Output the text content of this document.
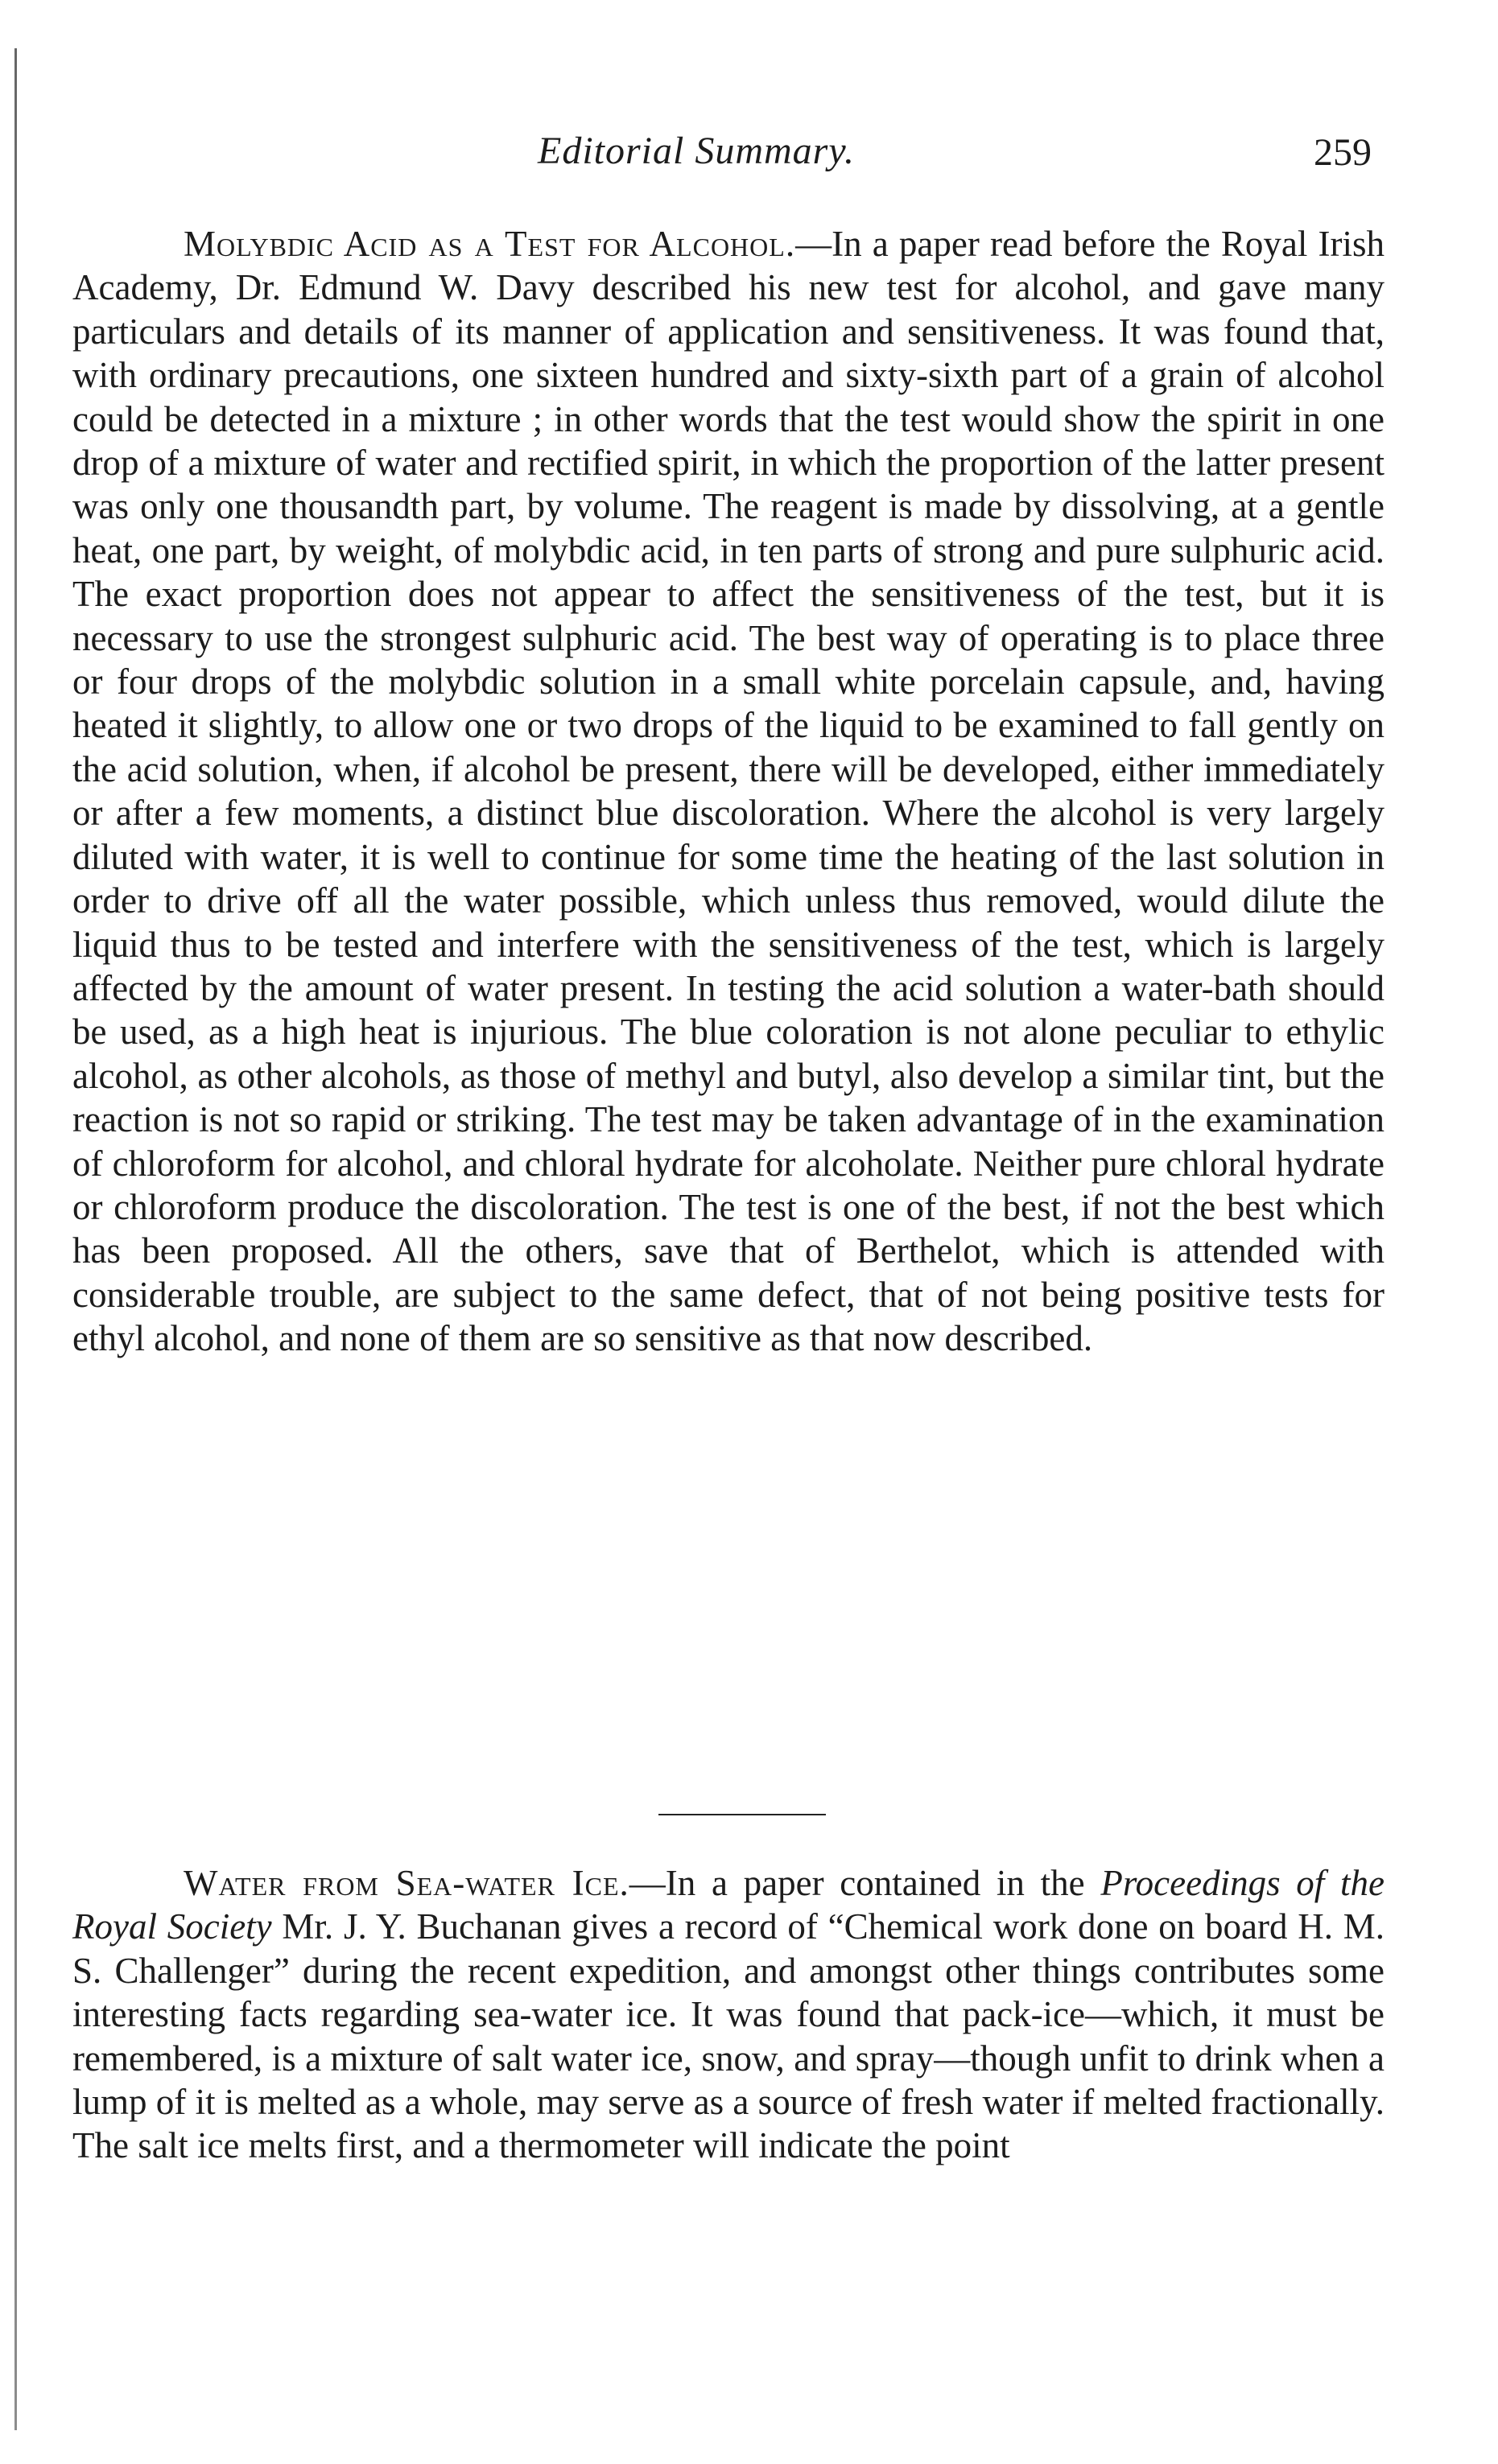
Editorial Summary.	259

Molybdic Acid as a Test for Alcohol.—In a paper read before the Royal Irish Academy, Dr. Edmund W. Davy described his new test for alcohol, and gave many particulars and details of its manner of application and sensitiveness. It was found that, with ordinary precautions, one sixteen hundred and sixty-sixth part of a grain of alcohol could be detected in a mixture ; in other words that the test would show the spirit in one drop of a mixture of water and rectified spirit, in which the proportion of the latter present was only one thousandth part, by volume. The reagent is made by dissolving, at a gentle heat, one part, by weight, of molybdic acid, in ten parts of strong and pure sulphuric acid. The exact proportion does not appear to affect the sensitiveness of the test, but it is necessary to use the strongest sulphuric acid. The best way of operating is to place three or four drops of the molybdic solution in a small white porcelain capsule, and, having heated it slightly, to allow one or two drops of the liquid to be examined to fall gently on the acid solution, when, if alcohol be present, there will be developed, either immediately or after a few moments, a distinct blue discoloration. Where the alcohol is very largely diluted with water, it is well to continue for some time the heating of the last solution in order to drive off all the water possible, which unless thus removed, would dilute the liquid thus to be tested and interfere with the sensitiveness of the test, which is largely affected by the amount of water present. In testing the acid solution a water-bath should be used, as a high heat is injurious. The blue coloration is not alone peculiar to ethylic alcohol, as other alcohols, as those of methyl and butyl, also develop a similar tint, but the reaction is not so rapid or striking. The test may be taken advantage of in the examination of chloroform for alcohol, and chloral hydrate for alcoholate. Neither pure chloral hydrate or chloroform produce the discoloration. The test is one of the best, if not the best which has been proposed. All the others, save that of Berthelot, which is attended with considerable trouble, are subject to the same defect, that of not being positive tests for ethyl alcohol, and none of them are so sensitive as that now described.

Water from Sea-water Ice.—In a paper contained in the Proceedings of the Royal Society Mr. J. Y. Buchanan gives a record of “Chemical work done on board H. M. S. Challenger” during the recent expedition, and amongst other things contributes some interesting facts regarding sea-water ice. It was found that pack-ice—which, it must be remembered, is a mixture of salt water ice, snow, and spray—though unfit to drink when a lump of it is melted as a whole, may serve as a source of fresh water if melted fractionally. The salt ice melts first, and a thermometer will indicate the point
